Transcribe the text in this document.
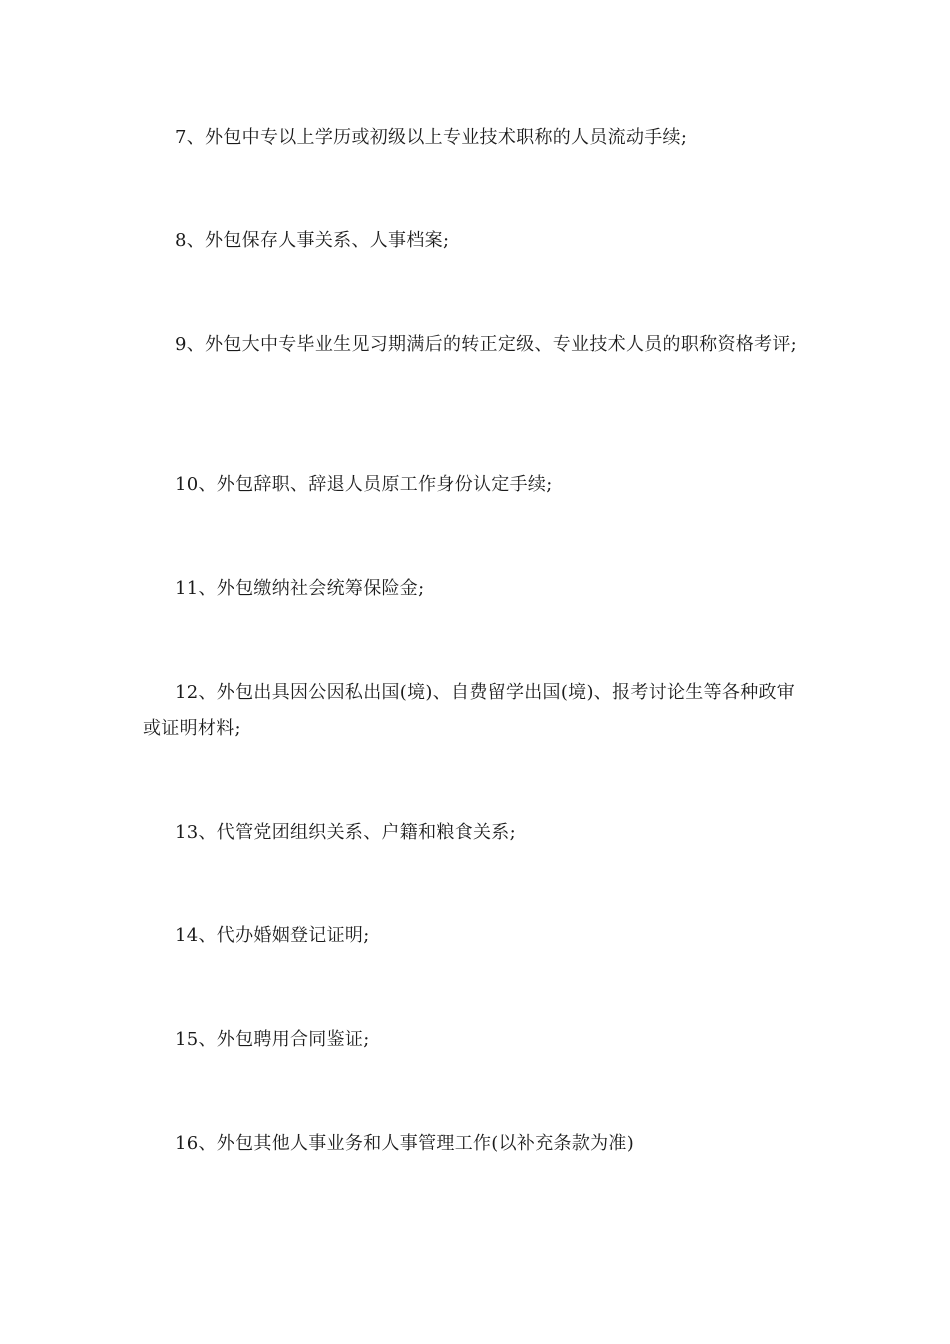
7、外包中专以上学历或初级以上专业技术职称的人员流动手续;

8、外包保存人事关系、人事档案;

9、外包大中专毕业生见习期满后的转正定级、专业技术人员的职称资格考评;

10、外包辞职、辞退人员原工作身份认定手续;

11、外包缴纳社会统筹保险金;

12、外包出具因公因私出国(境)、自费留学出国(境)、报考讨论生等各种政审或证明材料;

13、代管党团组织关系、户籍和粮食关系;

14、代办婚姻登记证明;

15、外包聘用合同鉴证;

16、外包其他人事业务和人事管理工作(以补充条款为准)
